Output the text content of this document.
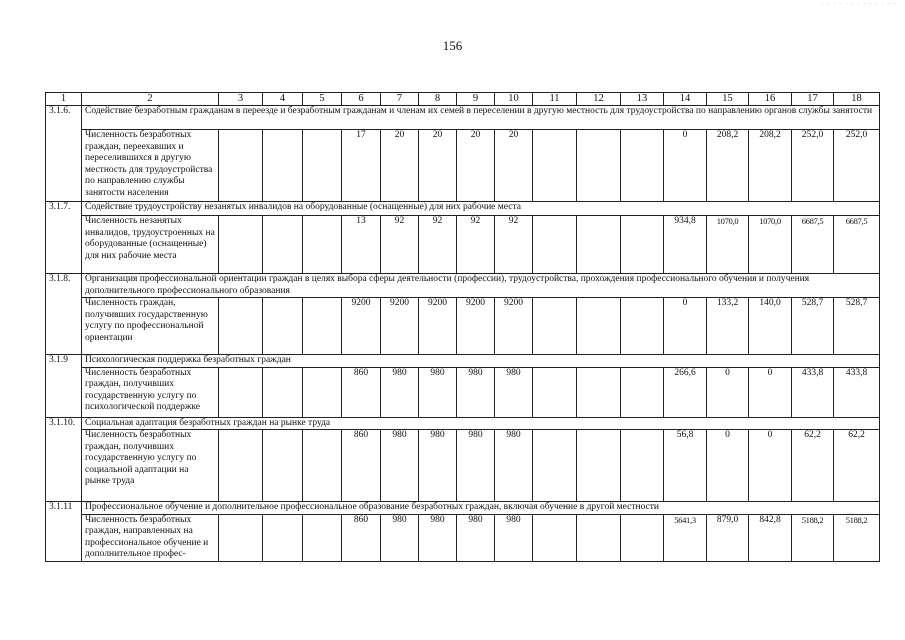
· · · · · · · · · · · · ·
156
1	2	3	4	5	6	7	8	9	10	11	12	13	14	15	16	17	18
3.1.6.	Содействие безработным гражданам в переезде и безработным гражданам и членам их семей в переселении в другую местность для трудоустройства по направлению органов службы занятости																
	Численность безработных граждан, переехавших и переселившихся в другую местность для трудоустройства по направлению службы занятости населения				17	20	20	20	20				0	208,2	208,2	252,0	252,0
3.1.7.	Содействие трудоустройству незанятых инвалидов на оборудованные (оснащенные) для них рабочие места																
	Численность незанятых инвалидов, трудоустроенных на оборудованные (оснащенные) для них рабочие места				13	92	92	92	92				934,8	1070,0	1070,0	6687,5	6687,5
3.1.8.	Организация профессиональной ориентации граждан в целях выбора сферы деятельности (профессии), трудоустройства, прохождения профессионального обучения и получения дополнительного профессионального образования																
	Численность граждан, получивших государственную услугу по профессиональной ориентации				9200	9200	9200	9200	9200				0	133,2	140,0	528,7	528,7
3.1.9	Психологическая поддержка безработных граждан																
	Численность безработных граждан, получивших государственную услугу по психологической поддержке				860	980	980	980	980				266,6	0	0	433,8	433,8
3.1.10.	Социальная адаптация безработных граждан на рынке труда																
	Численность безработных граждан, получивших государственную услугу по социальной адаптации на рынке труда				860	980	980	980	980				56,8	0	0	62,2	62,2
3.1.11	Профессиональное обучение и дополнительное профессиональное образование безработных граждан, включая обучение в другой местности																
	Численность безработных граждан, направленных на профессиональное обучение и дополнительное профес-				860	980	980	980	980				5641,3	879,0	842,8	5188,2	5188,2
